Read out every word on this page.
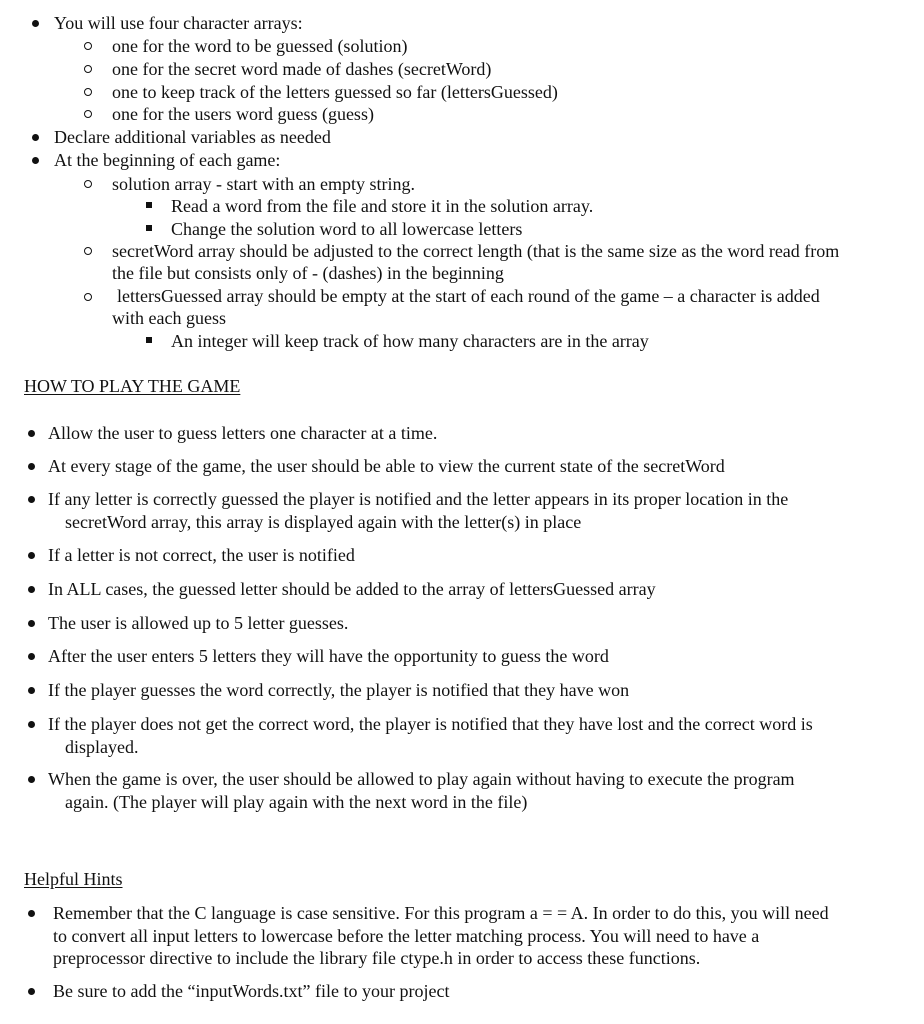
You will use four character arrays:
one for the word to be guessed (solution)
one for the secret word made of dashes (secretWord)
one to keep track of the letters guessed so far (lettersGuessed)
one for the users word guess (guess)
Declare additional variables as needed
At the beginning of each game:
solution array - start with an empty string.
Read a word from the file and store it in the solution array.
Change the solution word to all lowercase letters
secretWord array should be adjusted to the correct length (that is the same size as the word read from
the file but consists only of - (dashes) in the beginning
lettersGuessed array should be empty at the start of each round of the game – a character is added
with each guess
An integer will keep track of how many characters are in the array
HOW TO PLAY THE GAME
Allow the user to guess letters one character at a time.
At every stage of the game, the user should be able to view the current state of the secretWord
If any letter is correctly guessed the player is notified and the letter appears in its proper location in the
secretWord array, this array is displayed again with the letter(s) in place
If a letter is not correct, the user is notified
In ALL cases, the guessed letter should be added to the array of lettersGuessed array
The user is allowed up to 5 letter guesses.
After the user enters 5 letters they will have the opportunity to guess the word
If the player guesses the word correctly, the player is notified that they have won
If the player does not get the correct word, the player is notified that they have lost and the correct word is
displayed.
When the game is over, the user should be allowed to play again without having to execute the program
again. (The player will play again with the next word in the file)
Helpful Hints
Remember that the C language is case sensitive. For this program a = = A. In order to do this, you will need
to convert all input letters to lowercase before the letter matching process. You will need to have a
preprocessor directive to include the library file ctype.h in order to access these functions.
Be sure to add the “inputWords.txt” file to your project
